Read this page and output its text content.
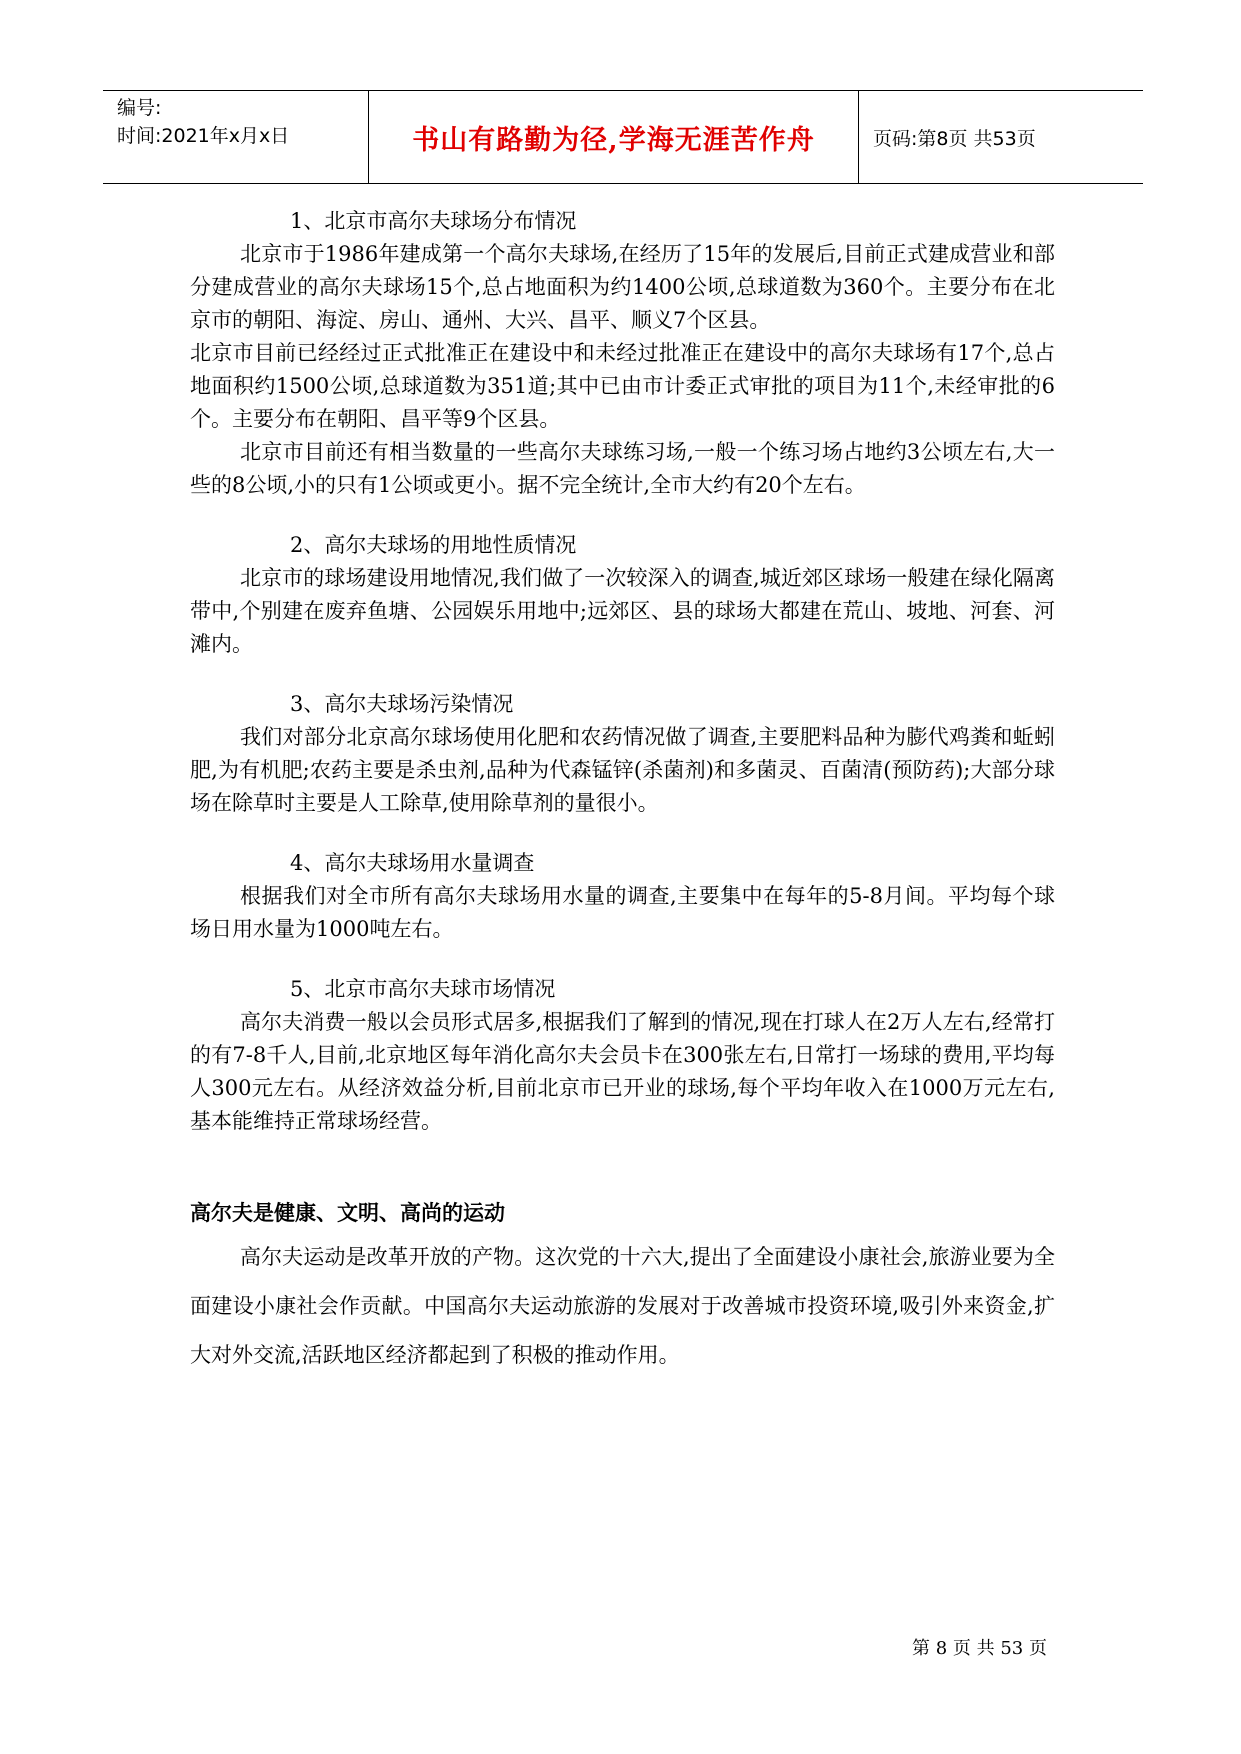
编号:
时间:2021年x月x日	书山有路勤为径,学海无涯苦作舟	页码:第8页 共53页

1、北京市高尔夫球场分布情况

北京市于1986年建成第一个高尔夫球场,在经历了15年的发展后,目前正式建成营业和部分建成营业的高尔夫球场15个,总占地面积为约1400公顷,总球道数为360个。主要分布在北京市的朝阳、海淀、房山、通州、大兴、昌平、顺义7个区县。

北京市目前已经经过正式批准正在建设中和未经过批准正在建设中的高尔夫球场有17个,总占地面积约1500公顷,总球道数为351道;其中已由市计委正式审批的项目为11个,未经审批的6个。主要分布在朝阳、昌平等9个区县。

北京市目前还有相当数量的一些高尔夫球练习场,一般一个练习场占地约3公顷左右,大一些的8公顷,小的只有1公顷或更小。据不完全统计,全市大约有20个左右。

2、高尔夫球场的用地性质情况

北京市的球场建设用地情况,我们做了一次较深入的调查,城近郊区球场一般建在绿化隔离带中,个别建在废弃鱼塘、公园娱乐用地中;远郊区、县的球场大都建在荒山、坡地、河套、河滩内。

3、高尔夫球场污染情况

我们对部分北京高尔球场使用化肥和农药情况做了调查,主要肥料品种为膨代鸡粪和蚯蚓肥,为有机肥;农药主要是杀虫剂,品种为代森锰锌(杀菌剂)和多菌灵、百菌清(预防药);大部分球场在除草时主要是人工除草,使用除草剂的量很小。

4、高尔夫球场用水量调查

根据我们对全市所有高尔夫球场用水量的调查,主要集中在每年的5-8月间。平均每个球场日用水量为1000吨左右。

5、北京市高尔夫球市场情况

高尔夫消费一般以会员形式居多,根据我们了解到的情况,现在打球人在2万人左右,经常打的有7-8千人,目前,北京地区每年消化高尔夫会员卡在300张左右,日常打一场球的费用,平均每人300元左右。从经济效益分析,目前北京市已开业的球场,每个平均年收入在1000万元左右,基本能维持正常球场经营。

高尔夫是健康、文明、高尚的运动

高尔夫运动是改革开放的产物。这次党的十六大,提出了全面建设小康社会,旅游业要为全面建设小康社会作贡献。中国高尔夫运动旅游的发展对于改善城市投资环境,吸引外来资金,扩大对外交流,活跃地区经济都起到了积极的推动作用。

第 8 页 共 53 页
